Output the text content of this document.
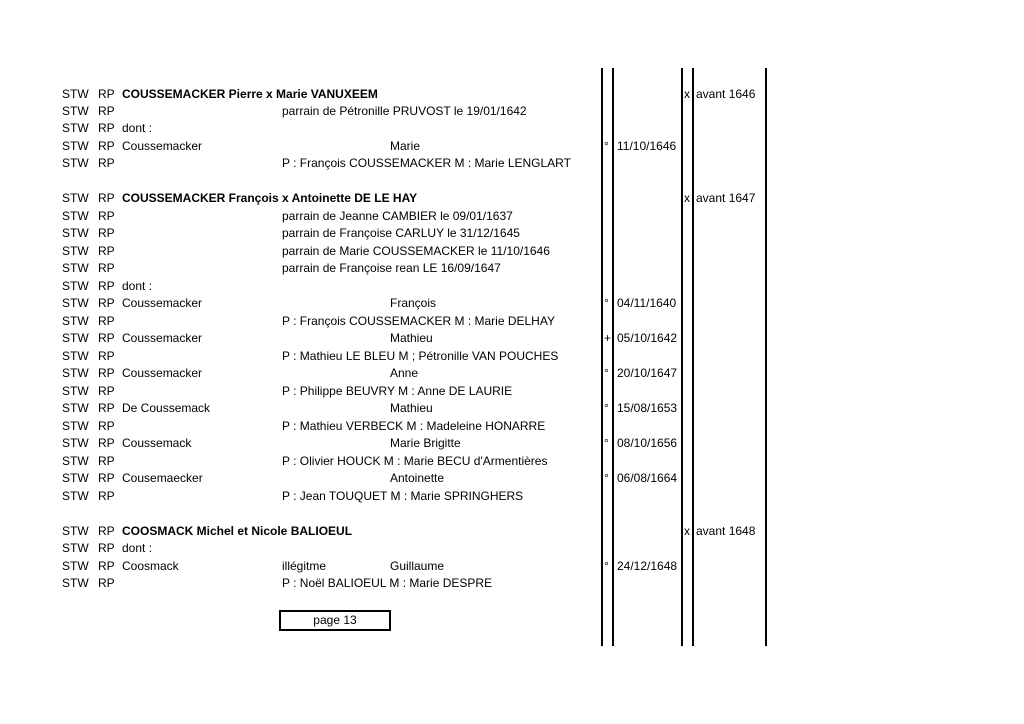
STW RP COUSSEMACKER Pierre x Marie VANUXEEM	x avant 1646
STW RP	parrain de Pétronille PRUVOST le 19/01/1642
STW RP dont :
STW RP Coussemacker	Marie	° 11/10/1646
STW RP	P : François COUSSEMACKER M : Marie LENGLART
STW RP COUSSEMACKER François x Antoinette DE LE HAY	x avant 1647
STW RP	parrain de Jeanne CAMBIER le 09/01/1637
STW RP	parrain de Françoise CARLUY le 31/12/1645
STW RP	parrain de Marie COUSSEMACKER le 11/10/1646
STW RP	parrain de Françoise rean LE 16/09/1647
STW RP dont :
STW RP Coussemacker	François	° 04/11/1640
STW RP	P : François COUSSEMACKER M : Marie DELHAY
STW RP Coussemacker	Mathieu	+ 05/10/1642
STW RP	P : Mathieu LE BLEU M ; Pétronille VAN POUCHES
STW RP Coussemacker	Anne	° 20/10/1647
STW RP	P : Philippe BEUVRY M : Anne DE LAURIE
STW RP De Coussemack	Mathieu	° 15/08/1653
STW RP	P : Mathieu VERBECK M : Madeleine HONARRE
STW RP Coussemack	Marie Brigitte	° 08/10/1656
STW RP	P : Olivier HOUCK M : Marie BECU d'Armentières
STW RP Cousemaecker	Antoinette	° 06/08/1664
STW RP	P : Jean TOUQUET M : Marie SPRINGHERS
STW RP COOSMACK Michel et Nicole BALIOEUL	x avant 1648
STW RP dont :
STW RP Coosmack	illégitme	Guillaume	° 24/12/1648
STW RP	P : Noël BALIOEUL M : Marie DESPRE
page 13
